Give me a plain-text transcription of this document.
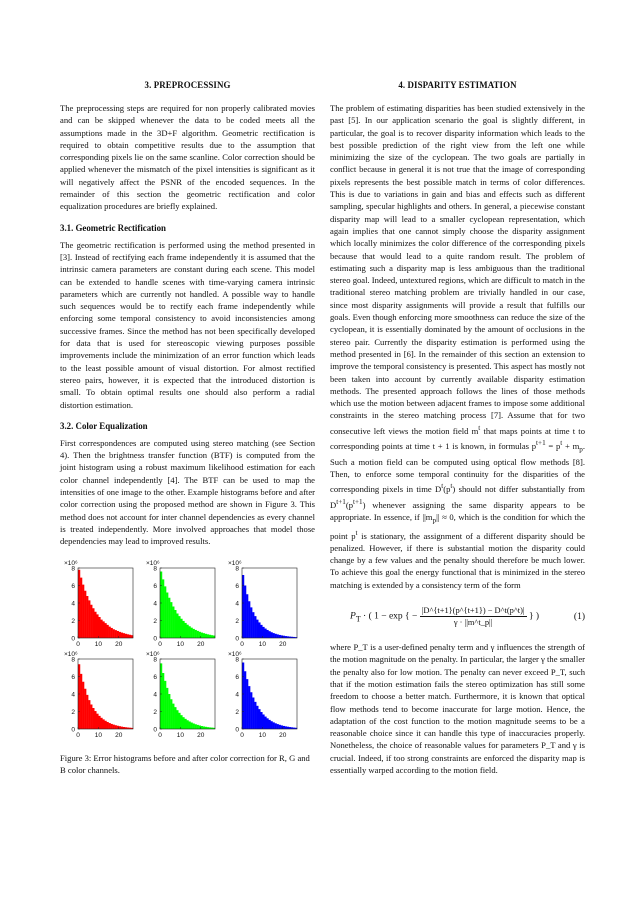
3. PREPROCESSING

The preprocessing steps are required for non properly calibrated movies and can be skipped whenever the data to be coded meets all the assumptions made in the 3D+F algorithm. Geometric rectification is required to obtain competitive results due to the assumption that corresponding pixels lie on the same scanline. Color correction should be applied whenever the mismatch of the pixel intensities is significant as it will negatively affect the PSNR of the encoded sequences. In the remainder of this section the geometric rectification and color equalization procedures are briefly explained.

3.1. Geometric Rectification

The geometric rectification is performed using the method presented in [3]. Instead of rectifying each frame independently it is assumed that the intrinsic camera parameters are constant during each scene. This model can be extended to handle scenes with time-varying camera intrinsic parameters which are currently not handled. A possible way to handle such sequences would be to rectify each frame independently while enforcing some temporal consistency to avoid inconsistencies among successive frames. Since the method has not been specifically developed for data that is used for stereoscopic viewing purposes possible improvements include the minimization of an error function which leads to the least possible amount of visual distortion. For almost rectified stereo pairs, however, it is expected that the introduced distortion is small. To obtain optimal results one should also perform a radial distortion estimation.

3.2. Color Equalization

First correspondences are computed using stereo matching (see Section 4). Then the brightness transfer function (BTF) is computed from the joint histogram using a robust maximum likelihood estimation for each color channel independently [4]. The BTF can be used to map the intensities of one image to the other. Example histograms before and after color correction using the proposed method are shown in Figure 3. This method does not account for inter channel dependencies as every channel is treated independently. More involved approaches that model those dependencies may lead to improved results.

0
2
4
6
8
0 10 20
×10⁶
0
2
4
6
8
0 10 20
×10⁶
0
2
4
6
8
0 10 20
×10⁶
0
2
4
6
8
0 10 20
×10⁶
0
2
4
6
8
0 10 20
×10⁶
0
2
4
6
8
0 10 20
×10⁶
Figure 3: Error histograms before and after color correction for R, G and B color channels.
4. DISPARITY ESTIMATION

The problem of estimating disparities has been studied extensively in the past [5]. In our application scenario the goal is slightly different, in particular, the goal is to recover disparity information which leads to the best possible prediction of the right view from the left one while minimizing the size of the cyclopean. The two goals are partially in conflict because in general it is not true that the image of corresponding pixels represents the best possible match in terms of color differences. This is due to variations in gain and bias and effects such as different sampling, specular highlights and others. In general, a piecewise constant disparity map will lead to a smaller cyclopean representation, which again implies that one cannot simply choose the disparity assignment which locally minimizes the color difference of the corresponding pixels because that would lead to a quite random result. The problem of estimating such a disparity map is less ambiguous than the traditional stereo goal. Indeed, untextured regions, which are difficult to match in the traditional stereo matching problem are trivially handled in our case, since most disparity assignments will provide a result that fulfills our goals. Even though enforcing more smoothness can reduce the size of the cyclopean, it is essentially dominated by the amount of occlusions in the stereo pair. Currently the disparity estimation is performed using the method presented in [6]. In the remainder of this section an extension to improve the temporal consistency is presented. This aspect has mostly not been taken into account by currently available disparity estimation methods. The presented approach follows the lines of those methods which use the motion between adjacent frames to impose some additional constraints in the stereo matching process [7]. Assume that for two consecutive left views the motion field $m^t$ that maps points at time t to corresponding points at time t + 1 is known, in formulas $p^{t+1} = p^t + m_p$. Such a motion field can be computed using optical flow methods [8]. Then, to enforce some temporal continuity for the disparities of the corresponding pixels in time $D^t(p^t)$ should not differ substantially from $D^{t+1}(p^{t+1})$ whenever assigning the same disparity appears to be appropriate. In essence, if $||m_p|| \approx 0$, which is the condition for which the point $p^t$ is stationary, the assignment of a different disparity should be penalized. However, if there is substantial motion the disparity could change by a few values and the penalty should therefore be much lower. To achieve this goal the energy functional that is minimized in the stereo matching is extended by a consistency term of the form

$P_T$ · ( 1 − exp { − $\frac{|D\^{}\{t+1\}(p\^{}\{t+1\}) - D\^{}t(p\^{}t)|}{\gamma \cdot ||m\^{}t\_p||}$ } )	(1)

where P_T is a user-defined penalty term and γ influences the strength of the motion magnitude on the penalty. In particular, the larger γ the smaller the penalty also for low motion. The penalty can never exceed P_T, such that if the motion estimation fails the stereo optimization has still some freedom to choose a better match. Furthermore, it is known that optical flow methods tend to become inaccurate for large motion. Hence, the adaptation of the cost function to the motion magnitude seems to be a reasonable choice since it can handle this type of inaccuracies properly. Nonetheless, the choice of reasonable values for parameters P_T and γ is crucial. Indeed, if too strong constraints are enforced the disparity map is essentially warped according to the motion field.
